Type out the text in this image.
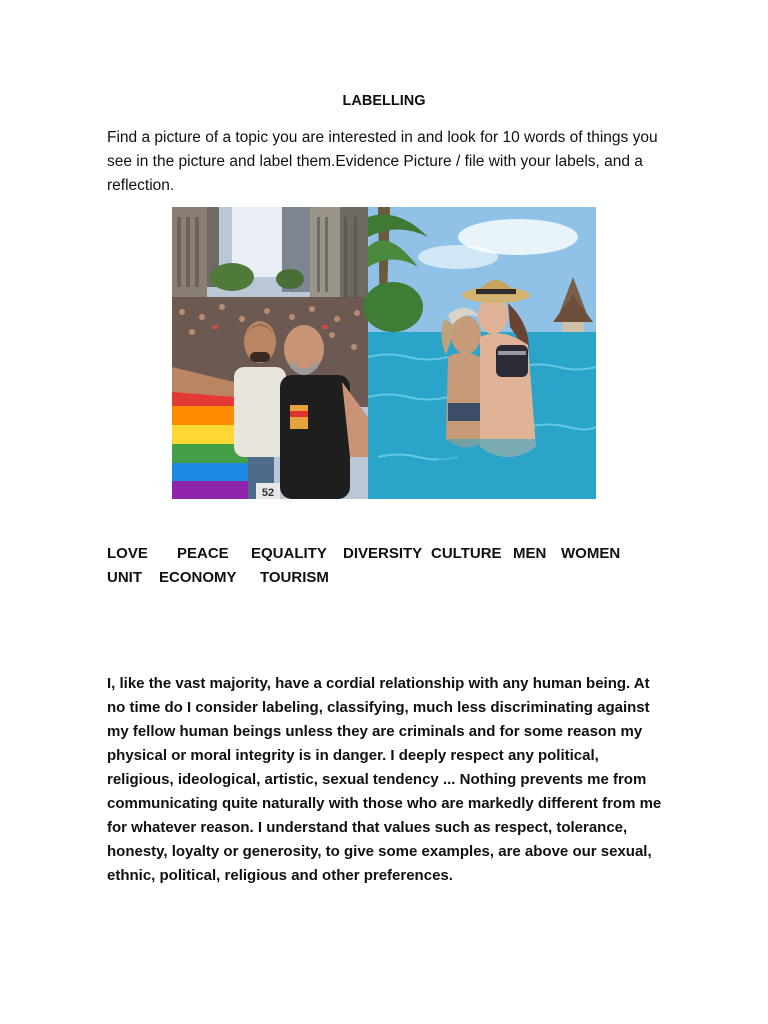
LABELLING

Find a picture of a topic you are interested in and look for 10 words of things you see in the picture and label them.Evidence Picture / file with your labels, and a reflection.

52

LOVE

PEACE

EQUALITY

DIVERSITY

CULTURE

MEN

WOMEN

UNIT

ECONOMY

TOURISM

I, like the vast majority, have a cordial relationship with any human being. At no time do I consider labeling, classifying, much less discriminating against my fellow human beings unless they are criminals and for some reason my physical or moral integrity is in danger. I deeply respect any political, religious, ideological, artistic, sexual tendency ... Nothing prevents me from communicating quite naturally with those who are markedly different from me for whatever reason. I understand that values such as respect, tolerance, honesty, loyalty or generosity, to give some examples, are above our sexual, ethnic, political, religious and other preferences.
